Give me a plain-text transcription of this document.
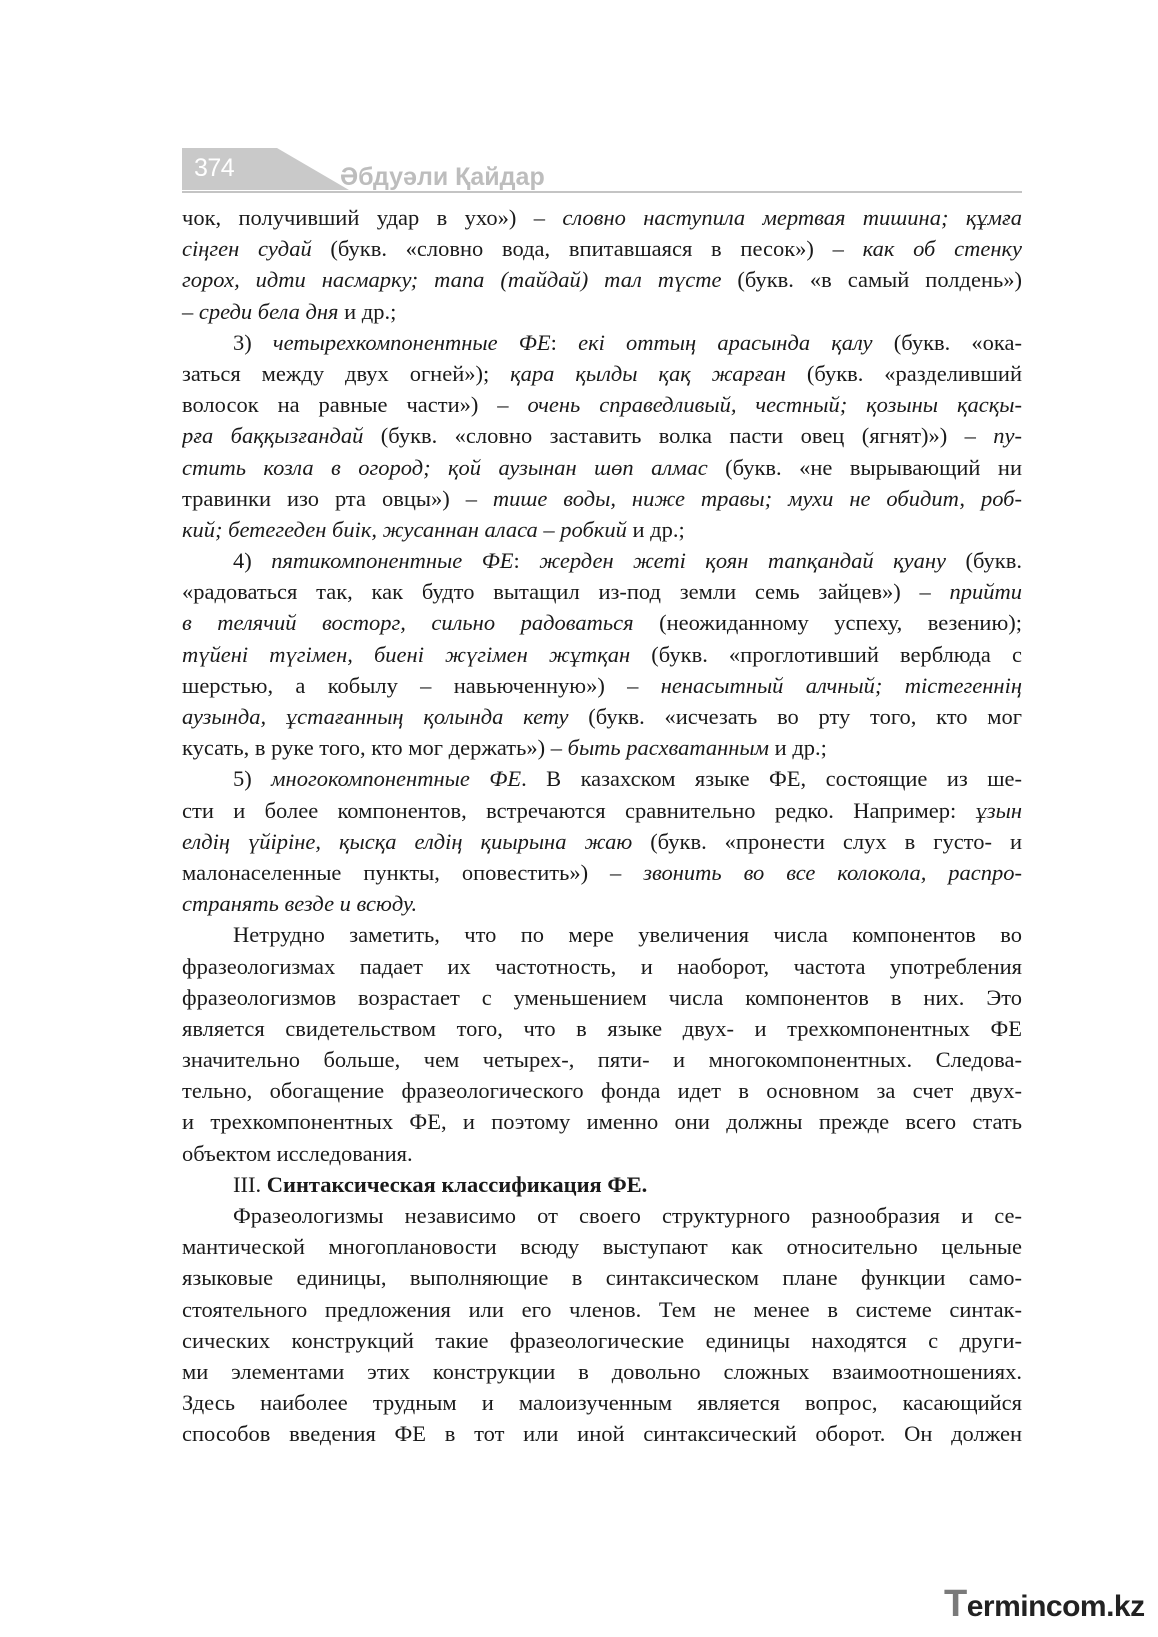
374	Әбдуәли Қайдар
чок, получивший удар в ухо») – словно наступила мертвая тишина; құмға
сіңген судай (букв. «словно вода, впитавшаяся в песок») – как об стенку
горох, идти насмарку; тапа (тайдай) тал түсте (букв. «в самый полдень»)
– среди бела дня и др.;
3) четырехкомпонентные ФЕ: екі оттың арасында қалу (букв. «ока-
заться между двух огней»); қара қылды қақ жарған (букв. «разделивший
волосок на равные части») – очень справедливый, честный; қозыны қасқы-
рға баққызғандай (букв. «словно заставить волка пасти овец (ягнят)») – пу-
стить козла в огород; қой аузынан шөп алмас (букв. «не вырывающий ни
травинки изо рта овцы») – тише воды, ниже травы; мухи не обидит, роб-
кий; бетегеден биік, жусаннан аласа – робкий и др.;
4) пятикомпонентные ФЕ: жерден жеті қоян тапқандай қуану (букв.
«радоваться так, как будто вытащил из-под земли семь зайцев») – прийти
в телячий восторг, сильно радоваться (неожиданному успеху, везению);
түйені түгімен, биені жүгімен жұтқан (букв. «проглотивший верблюда с
шерстью, а кобылу – навьюченную») – ненасытный алчный; тістегеннің
аузында, ұстағанның қолында кету (букв. «исчезать во рту того, кто мог
кусать, в руке того, кто мог держать») – быть расхватанным и др.;
5) многокомпонентные ФЕ. В казахском языке ФЕ, состоящие из ше-
сти и более компонентов, встречаются сравнительно редко. Например: ұзын
елдің үйіріне, қысқа елдің қиырына жаю (букв. «пронести слух в густо- и
малонаселенные пункты, оповестить») – звонить во все колокола, распро-
странять везде и всюду.
Нетрудно заметить, что по мере увеличения числа компонентов во
фразеологизмах падает их частотность, и наоборот, частота употребления
фразеологизмов возрастает с уменьшением числа компонентов в них. Это
является свидетельством того, что в языке двух- и трехкомпонентных ФЕ
значительно больше, чем четырех-, пяти- и многокомпонентных. Следова-
тельно, обогащение фразеологического фонда идет в основном за счет двух-
и трехкомпонентных ФЕ, и поэтому именно они должны прежде всего стать
объектом исследования.
III. Синтаксическая классификация ФЕ.
Фразеологизмы независимо от своего структурного разнообразия и се-
мантической многоплановости всюду выступают как относительно цельные
языковые единицы, выполняющие в синтаксическом плане функции само-
стоятельного предложения или его членов. Тем не менее в системе синтак-
сических конструкций такие фразеологические единицы находятся с други-
ми элементами этих конструкции в довольно сложных взаимоотношениях.
Здесь наиболее трудным и малоизученным является вопрос, касающийся
способов введения ФЕ в тот или иной синтаксический оборот. Он должен
Termincom.kz
